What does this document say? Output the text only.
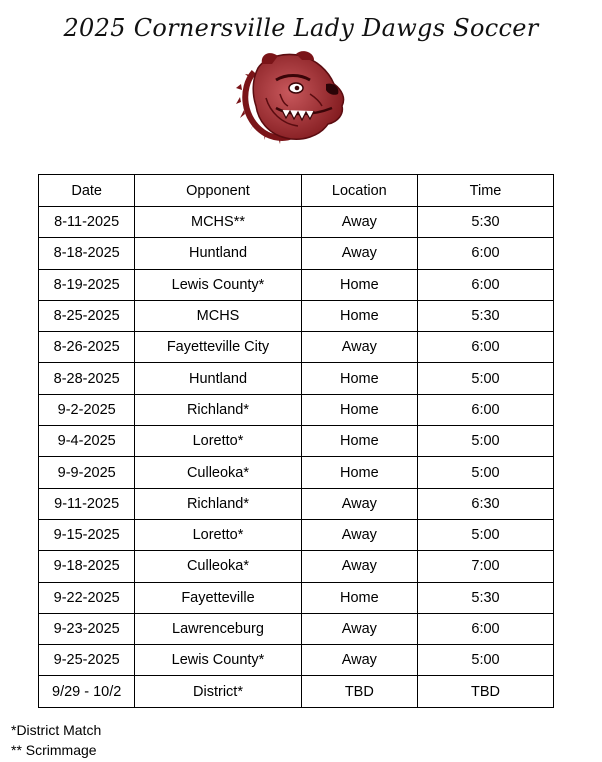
2025 Cornersville Lady Dawgs Soccer
Date	Opponent	Location	Time
8-11-2025	MCHS**	Away	5:30
8-18-2025	Huntland	Away	6:00
8-19-2025	Lewis County*	Home	6:00
8-25-2025	MCHS	Home	5:30
8-26-2025	Fayetteville City	Away	6:00
8-28-2025	Huntland	Home	5:00
9-2-2025	Richland*	Home	6:00
9-4-2025	Loretto*	Home	5:00
9-9-2025	Culleoka*	Home	5:00
9-11-2025	Richland*	Away	6:30
9-15-2025	Loretto*	Away	5:00
9-18-2025	Culleoka*	Away	7:00
9-22-2025	Fayetteville	Home	5:30
9-23-2025	Lawrenceburg	Away	6:00
9-25-2025	Lewis County*	Away	5:00
9/29 - 10/2	District*	TBD	TBD
*District Match
** Scrimmage
